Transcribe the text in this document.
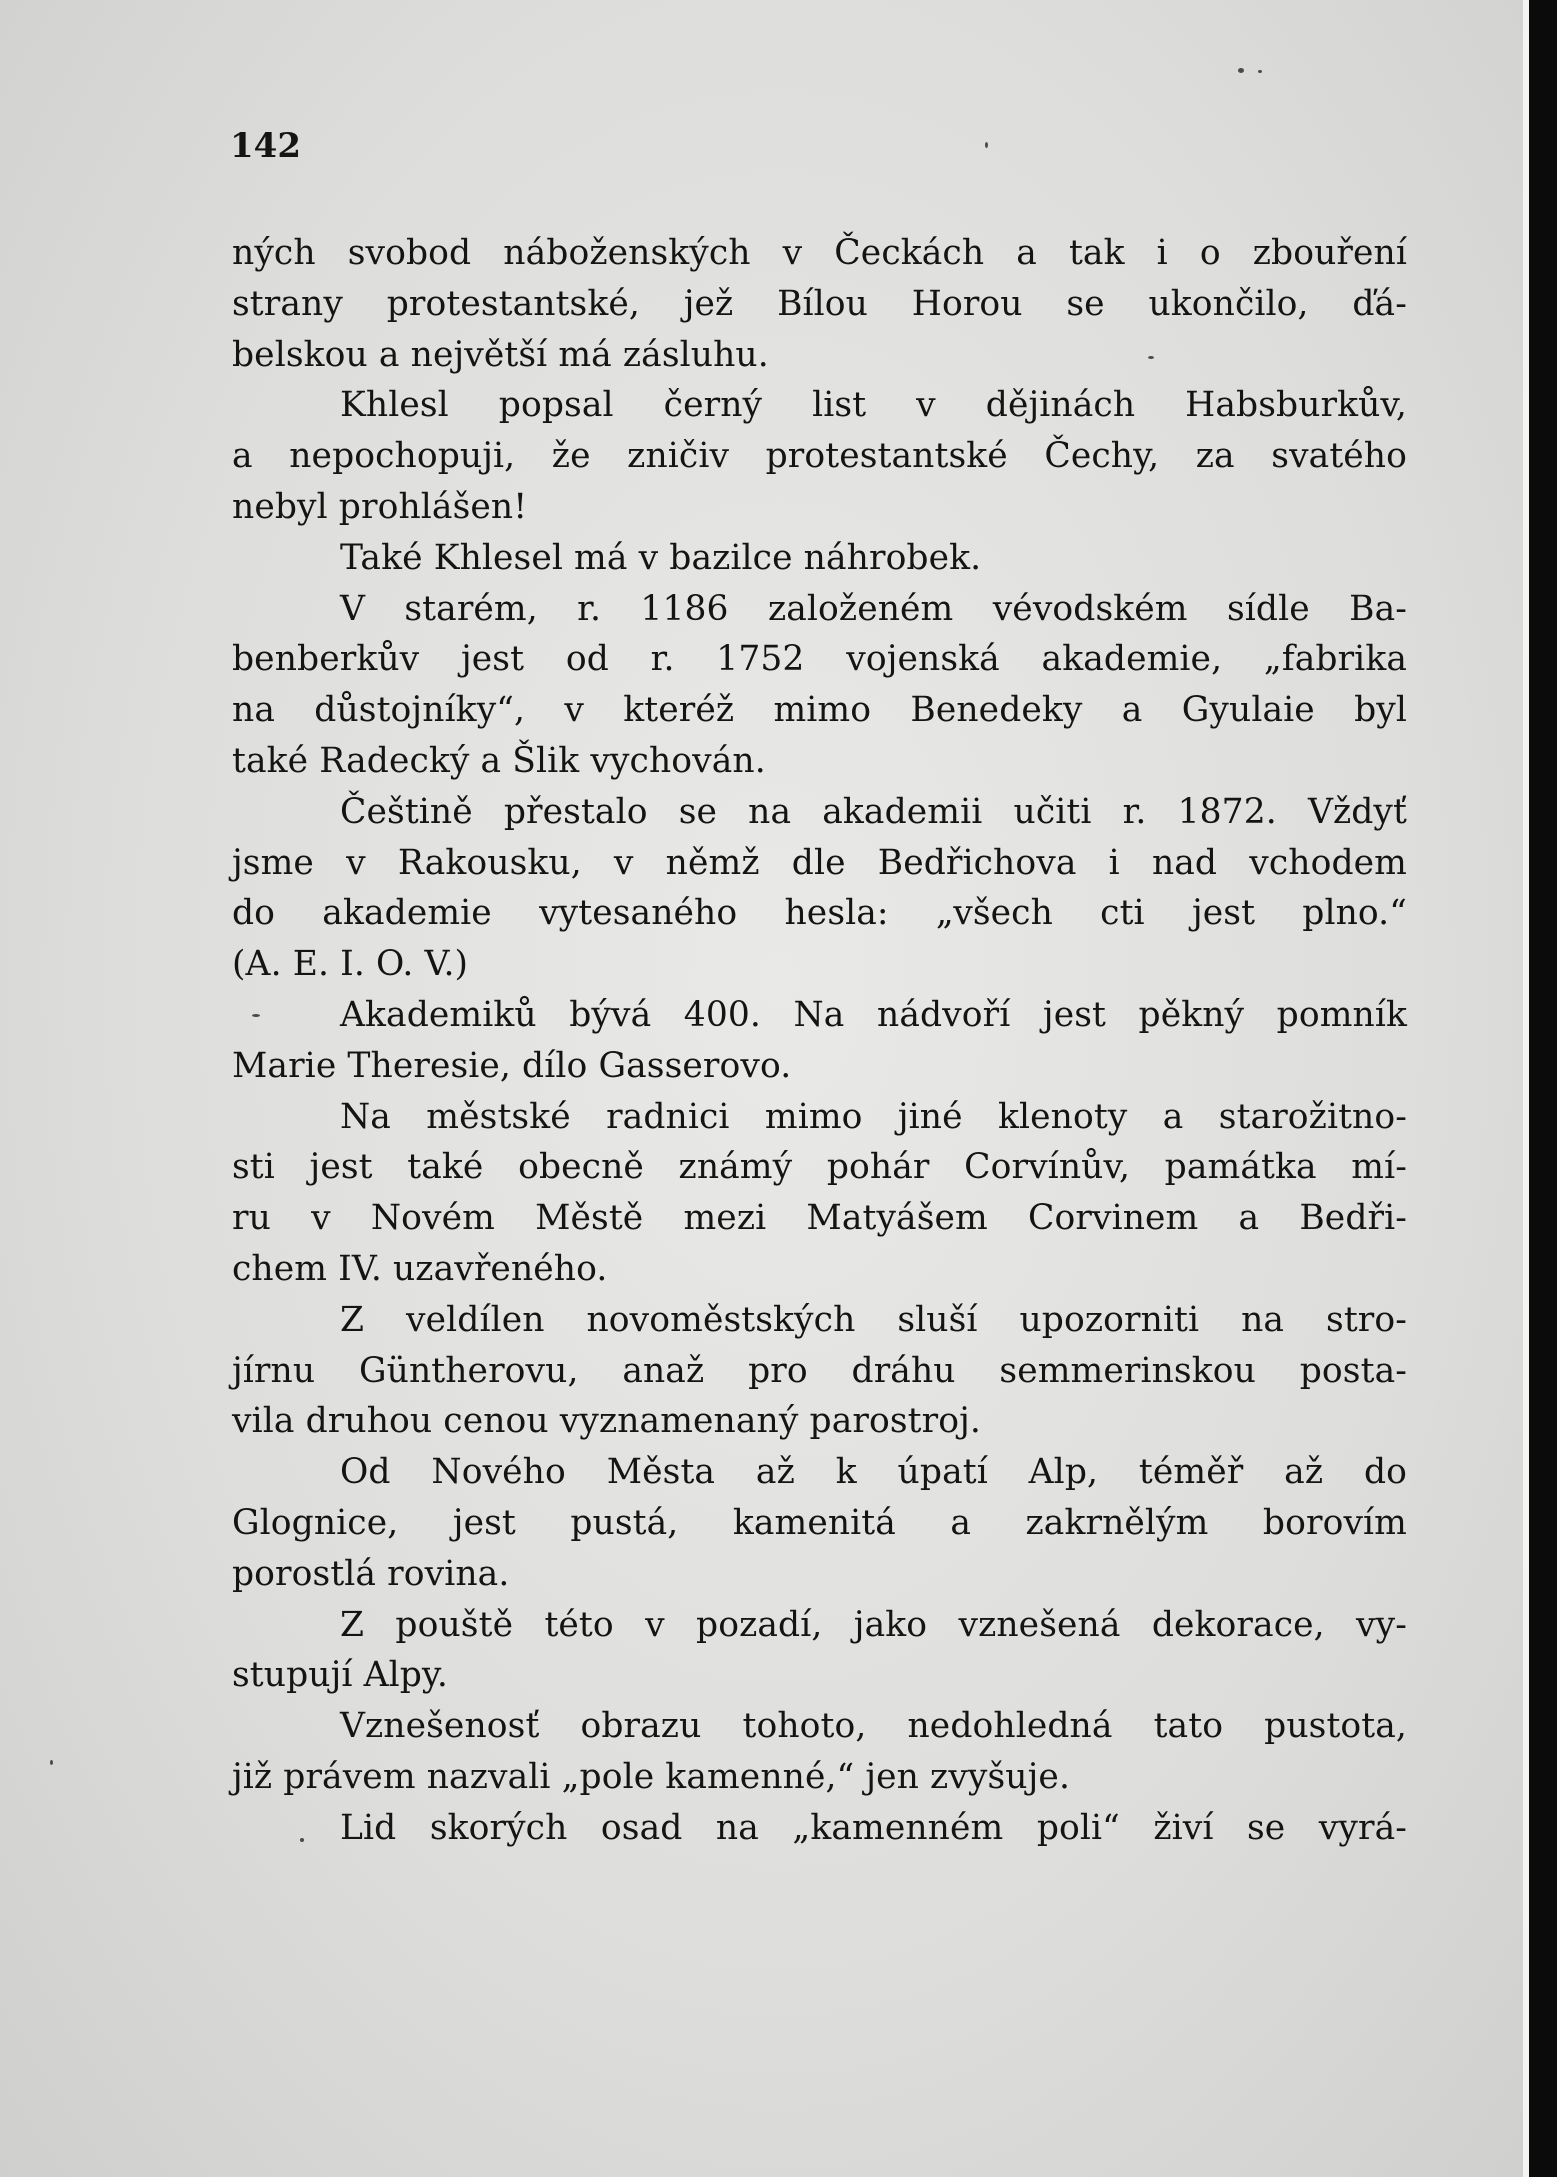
142
ných svobod náboženských v Čeckách a tak i o zbouření
strany protestantské, jež Bílou Horou se ukončilo, ďá-
belskou a největší má zásluhu.
Khlesl popsal černý list v dějinách Habsburkův,
a nepochopuji, že zničiv protestantské Čechy, za svatého
nebyl prohlášen!
Také Khlesel má v bazilce náhrobek.
V starém, r. 1186 založeném vévodském sídle Ba-
benberkův jest od r. 1752 vojenská akademie, „fabrika
na důstojníky“, v kteréž mimo Benedeky a Gyulaie byl
také Radecký a Šlik vychován.
Češtině přestalo se na akademii učiti r. 1872. Vždyť
jsme v Rakousku, v němž dle Bedřichova i nad vchodem
do akademie vytesaného hesla: „všech cti jest plno.“
(A. E. I. O. V.)
Akademiků bývá 400. Na nádvoří jest pěkný pomník
Marie Theresie, dílo Gasserovo.
Na městské radnici mimo jiné klenoty a starožitno-
sti jest také obecně známý pohár Corvínův, památka mí-
ru v Novém Městě mezi Matyášem Corvinem a Bedři-
chem IV. uzavřeného.
Z veldílen novoměstských sluší upozorniti na stro-
jírnu Güntherovu, anaž pro dráhu semmerinskou posta-
vila druhou cenou vyznamenaný parostroj.
Od Nového Města až k úpatí Alp, téměř až do
Glognice, jest pustá, kamenitá a zakrnělým borovím
porostlá rovina.
Z pouště této v pozadí, jako vznešená dekorace, vy-
stupují Alpy.
Vznešenosť obrazu tohoto, nedohledná tato pustota,
již právem nazvali „pole kamenné,“ jen zvyšuje.
Lid skorých osad na „kamenném poli“ živí se vyrá-
